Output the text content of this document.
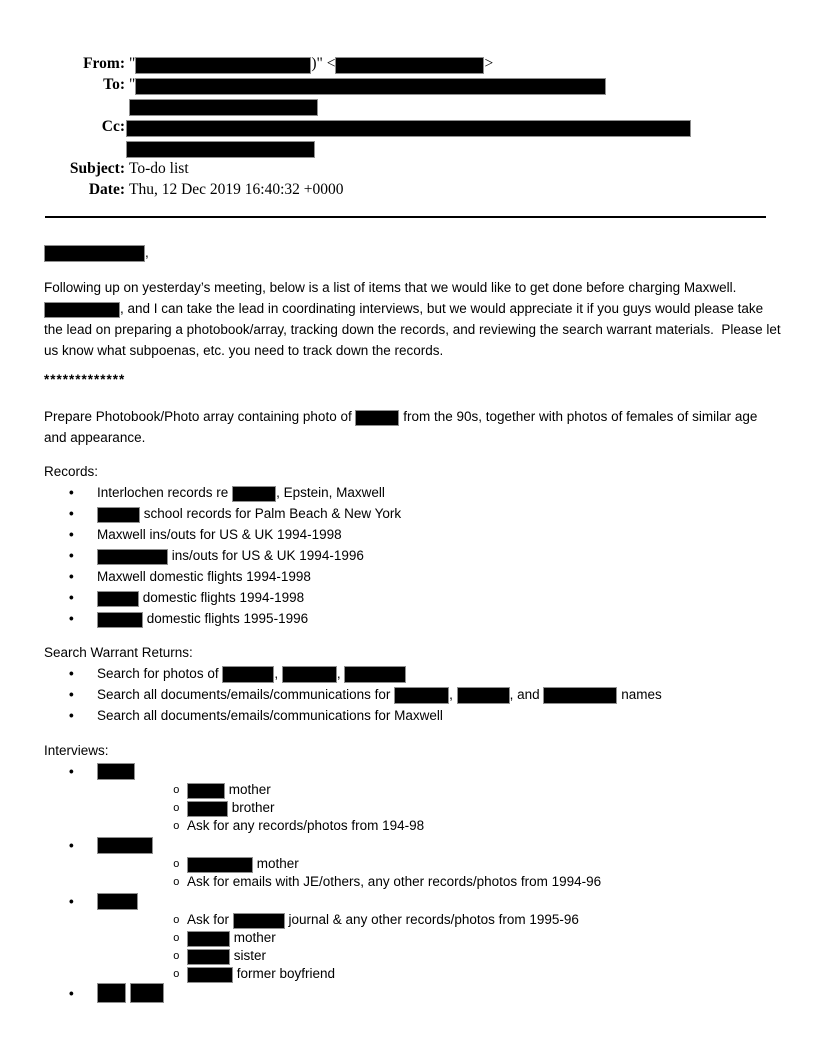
From: "	)" <	>
To: "
Cc:
Subject: To-do list
Date: Thu, 12 Dec 2019 16:40:32 +0000
,
Following up on yesterday’s meeting, below is a list of items that we would like to get done before charging Maxwell. , and I can take the lead in coordinating interviews, but we would appreciate it if you guys would please take the lead on preparing a photobook/array, tracking down the records, and reviewing the search warrant materials.  Please let us know what subpoenas, etc. you need to track down the records.
*************
Prepare Photobook/Photo array containing photo of	from the 90s, together with photos of females of similar age and appearance.
Records:
•
Interlochen records re	, Epstein, Maxwell
•
school records for Palm Beach & New York
•
Maxwell ins/outs for US & UK 1994-1998
•
ins/outs for US & UK 1994-1996
•
Maxwell domestic flights 1994-1998
•
domestic flights 1994-1998
•
domestic flights 1995-1996
Search Warrant Returns:
•
Search for photos of	,	,
•
Search all documents/emails/communications for	,	, and	names
•
Search all documents/emails/communications for Maxwell
Interviews:
•
o
mother
o
brother
o
Ask for any records/photos from 194-98
•
o
mother
o
Ask for emails with JE/others, any other records/photos from 1994-96
•
o
Ask for	journal & any other records/photos from 1995-96
o
mother
o
sister
o
former boyfriend
•
